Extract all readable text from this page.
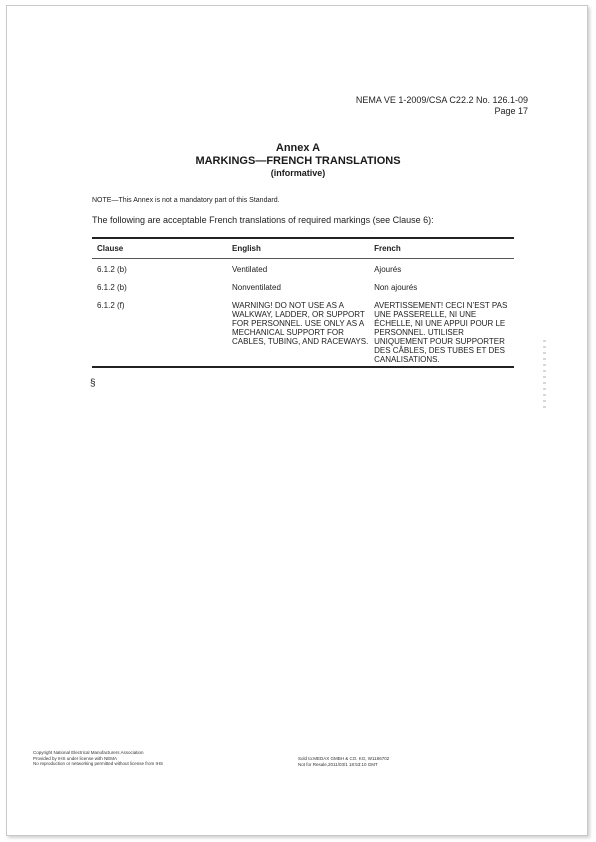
NEMA VE 1-2009/CSA C22.2 No. 126.1-09
Page 17
Annex A
MARKINGS—FRENCH TRANSLATIONS
(informative)
NOTE—This Annex is not a mandatory part of this Standard.
The following are acceptable French translations of required markings (see Clause 6):
Clause	English	French
6.1.2 (b)	Ventilated	Ajourés
6.1.2 (b)	Nonventilated	Non ajourés
6.1.2 (f)	WARNING! DO NOT USE AS A WALKWAY, LADDER, OR SUPPORT FOR PERSONNEL. USE ONLY AS A MECHANICAL SUPPORT FOR CABLES, TUBING, AND RACEWAYS.	AVERTISSEMENT! CECI N’EST PAS UNE PASSERELLE, NI UNE ÉCHELLE, NI UNE APPUI POUR LE PERSONNEL. UTILISER UNIQUEMENT POUR SUPPORTER DES CÂBLES, DES TUBES ET DES CANALISATIONS.
§
Copyright National Electrical Manufacturers Association
Provided by IHS under license with NEMA
No reproduction or networking permitted without license from IHS
Sold to:MEDAX GMBH & CO. KG, W1186702
Not for Resale,2011/03/1 18:53:10 GMT
